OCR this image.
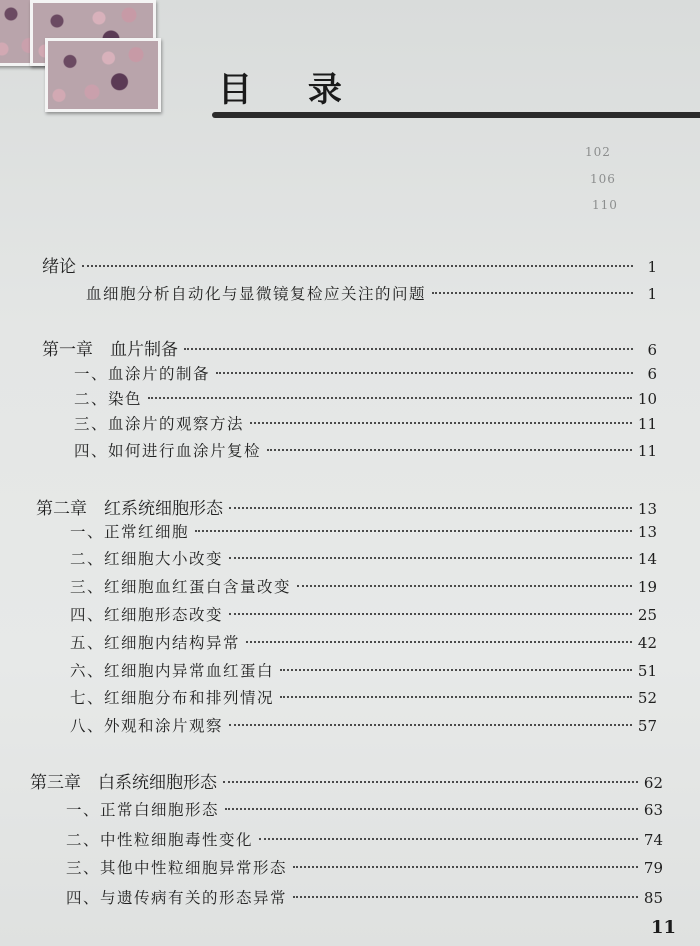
102
106
110
目 录
绪论	1
血细胞分析自动化与显微镜复检应关注的问题	1
第一章　血片制备	6
一、血涂片的制备	6
二、染色	10
三、血涂片的观察方法	11
四、如何进行血涂片复检	11
第二章　红系统细胞形态	13
一、正常红细胞	13
二、红细胞大小改变	14
三、红细胞血红蛋白含量改变	19
四、红细胞形态改变	25
五、红细胞内结构异常	42
六、红细胞内异常血红蛋白	51
七、红细胞分布和排列情况	52
八、外观和涂片观察	57
第三章　白系统细胞形态	62
一、正常白细胞形态	63
二、中性粒细胞毒性变化	74
三、其他中性粒细胞异常形态	79
四、与遗传病有关的形态异常	85
11
